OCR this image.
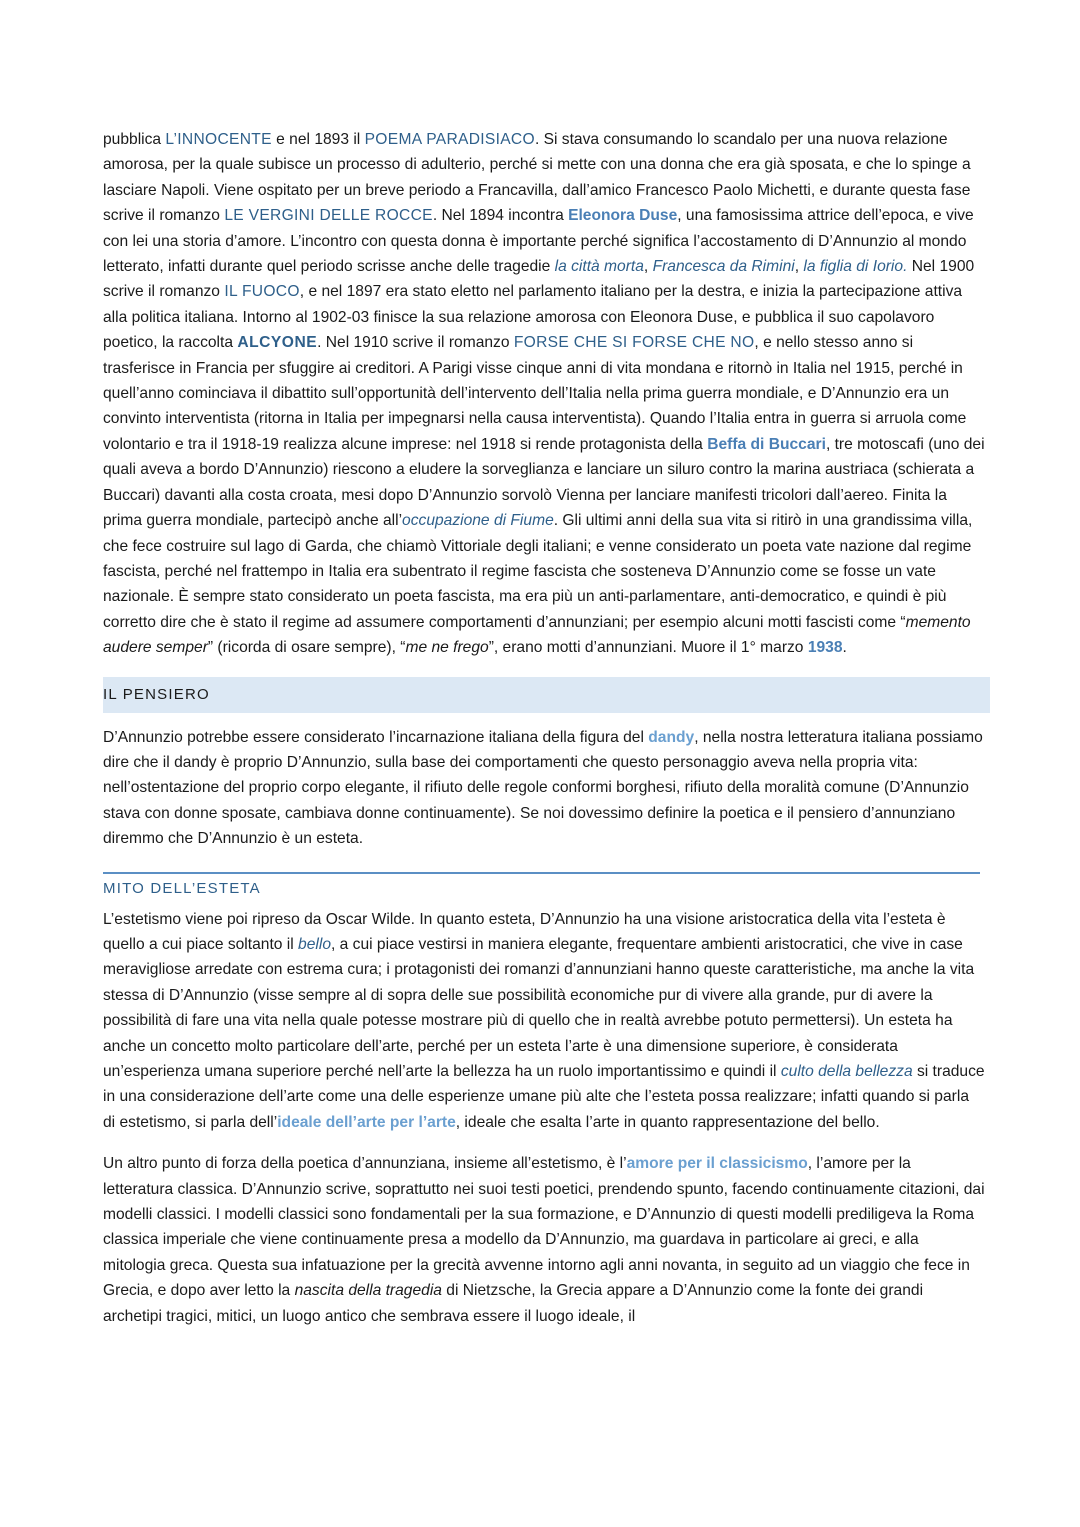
pubblica L’INNOCENTE e nel 1893 il POEMA PARADISIACO. Si stava consumando lo scandalo per una nuova relazione amorosa, per la quale subisce un processo di adulterio, perché si mette con una donna che era già sposata, e che lo spinge a lasciare Napoli. Viene ospitato per un breve periodo a Francavilla, dall’amico Francesco Paolo Michetti, e durante questa fase scrive il romanzo LE VERGINI DELLE ROCCE. Nel 1894 incontra Eleonora Duse, una famosissima attrice dell’epoca, e vive con lei una storia d’amore. L’incontro con questa donna è importante perché significa l’accostamento di D’Annunzio al mondo letterato, infatti durante quel periodo scrisse anche delle tragedie la città morta, Francesca da Rimini, la figlia di Iorio. Nel 1900 scrive il romanzo IL FUOCO, e nel 1897 era stato eletto nel parlamento italiano per la destra, e inizia la partecipazione attiva alla politica italiana. Intorno al 1902-03 finisce la sua relazione amorosa con Eleonora Duse, e pubblica il suo capolavoro poetico, la raccolta ALCYONE. Nel 1910 scrive il romanzo FORSE CHE SI FORSE CHE NO, e nello stesso anno si trasferisce in Francia per sfuggire ai creditori. A Parigi visse cinque anni di vita mondana e ritornò in Italia nel 1915, perché in quell’anno cominciava il dibattito sull’opportunità dell’intervento dell’Italia nella prima guerra mondiale, e D’Annunzio era un convinto interventista (ritorna in Italia per impegnarsi nella causa interventista). Quando l’Italia entra in guerra si arruola come volontario e tra il 1918-19 realizza alcune imprese: nel 1918 si rende protagonista della Beffa di Buccari, tre motoscafi (uno dei quali aveva a bordo D’Annunzio) riescono a eludere la sorveglianza e lanciare un siluro contro la marina austriaca (schierata a Buccari) davanti alla costa croata, mesi dopo D’Annunzio sorvolò Vienna per lanciare manifesti tricolori dall’aereo. Finita la prima guerra mondiale, partecipò anche all’occupazione di Fiume. Gli ultimi anni della sua vita si ritirò in una grandissima villa, che fece costruire sul lago di Garda, che chiamò Vittoriale degli italiani; e venne considerato un poeta vate nazione dal regime fascista, perché nel frattempo in Italia era subentrato il regime fascista che sosteneva D’Annunzio come se fosse un vate nazionale. È sempre stato considerato un poeta fascista, ma era più un anti-parlamentare, anti-democratico, e quindi è più corretto dire che è stato il regime ad assumere comportamenti d’annunziani; per esempio alcuni motti fascisti come “memento audere semper” (ricorda di osare sempre), “me ne frego”, erano motti d’annunziani. Muore il 1° marzo 1938.

IL PENSIERO

D’Annunzio potrebbe essere considerato l’incarnazione italiana della figura del dandy, nella nostra letteratura italiana possiamo dire che il dandy è proprio D’Annunzio, sulla base dei comportamenti che questo personaggio aveva nella propria vita: nell’ostentazione del proprio corpo elegante, il rifiuto delle regole conformi borghesi, rifiuto della moralità comune (D’Annunzio stava con donne sposate, cambiava donne continuamente). Se noi dovessimo definire la poetica e il pensiero d’annunziano diremmo che D’Annunzio è un esteta.

MITO DELL’ESTETA

L’estetismo viene poi ripreso da Oscar Wilde. In quanto esteta, D’Annunzio ha una visione aristocratica della vita l’esteta è quello a cui piace soltanto il bello, a cui piace vestirsi in maniera elegante, frequentare ambienti aristocratici, che vive in case meravigliose arredate con estrema cura; i protagonisti dei romanzi d’annunziani hanno queste caratteristiche, ma anche la vita stessa di D’Annunzio (visse sempre al di sopra delle sue possibilità economiche pur di vivere alla grande, pur di avere la possibilità di fare una vita nella quale potesse mostrare più di quello che in realtà avrebbe potuto permettersi). Un esteta ha anche un concetto molto particolare dell’arte, perché per un esteta l’arte è una dimensione superiore, è considerata un’esperienza umana superiore perché nell’arte la bellezza ha un ruolo importantissimo e quindi il culto della bellezza si traduce in una considerazione dell’arte come una delle esperienze umane più alte che l’esteta possa realizzare; infatti quando si parla di estetismo, si parla dell’ideale dell’arte per l’arte, ideale che esalta l’arte in quanto rappresentazione del bello.

Un altro punto di forza della poetica d’annunziana, insieme all’estetismo, è l’amore per il classicismo, l’amore per la letteratura classica. D’Annunzio scrive, soprattutto nei suoi testi poetici, prendendo spunto, facendo continuamente citazioni, dai modelli classici. I modelli classici sono fondamentali per la sua formazione, e D’Annunzio di questi modelli prediligeva la Roma classica imperiale che viene continuamente presa a modello da D’Annunzio, ma guardava in particolare ai greci, e alla mitologia greca. Questa sua infatuazione per la grecità avvenne intorno agli anni novanta, in seguito ad un viaggio che fece in Grecia, e dopo aver letto la nascita della tragedia di Nietzsche, la Grecia appare a D’Annunzio come la fonte dei grandi archetipi tragici, mitici, un luogo antico che sembrava essere il luogo ideale, il
